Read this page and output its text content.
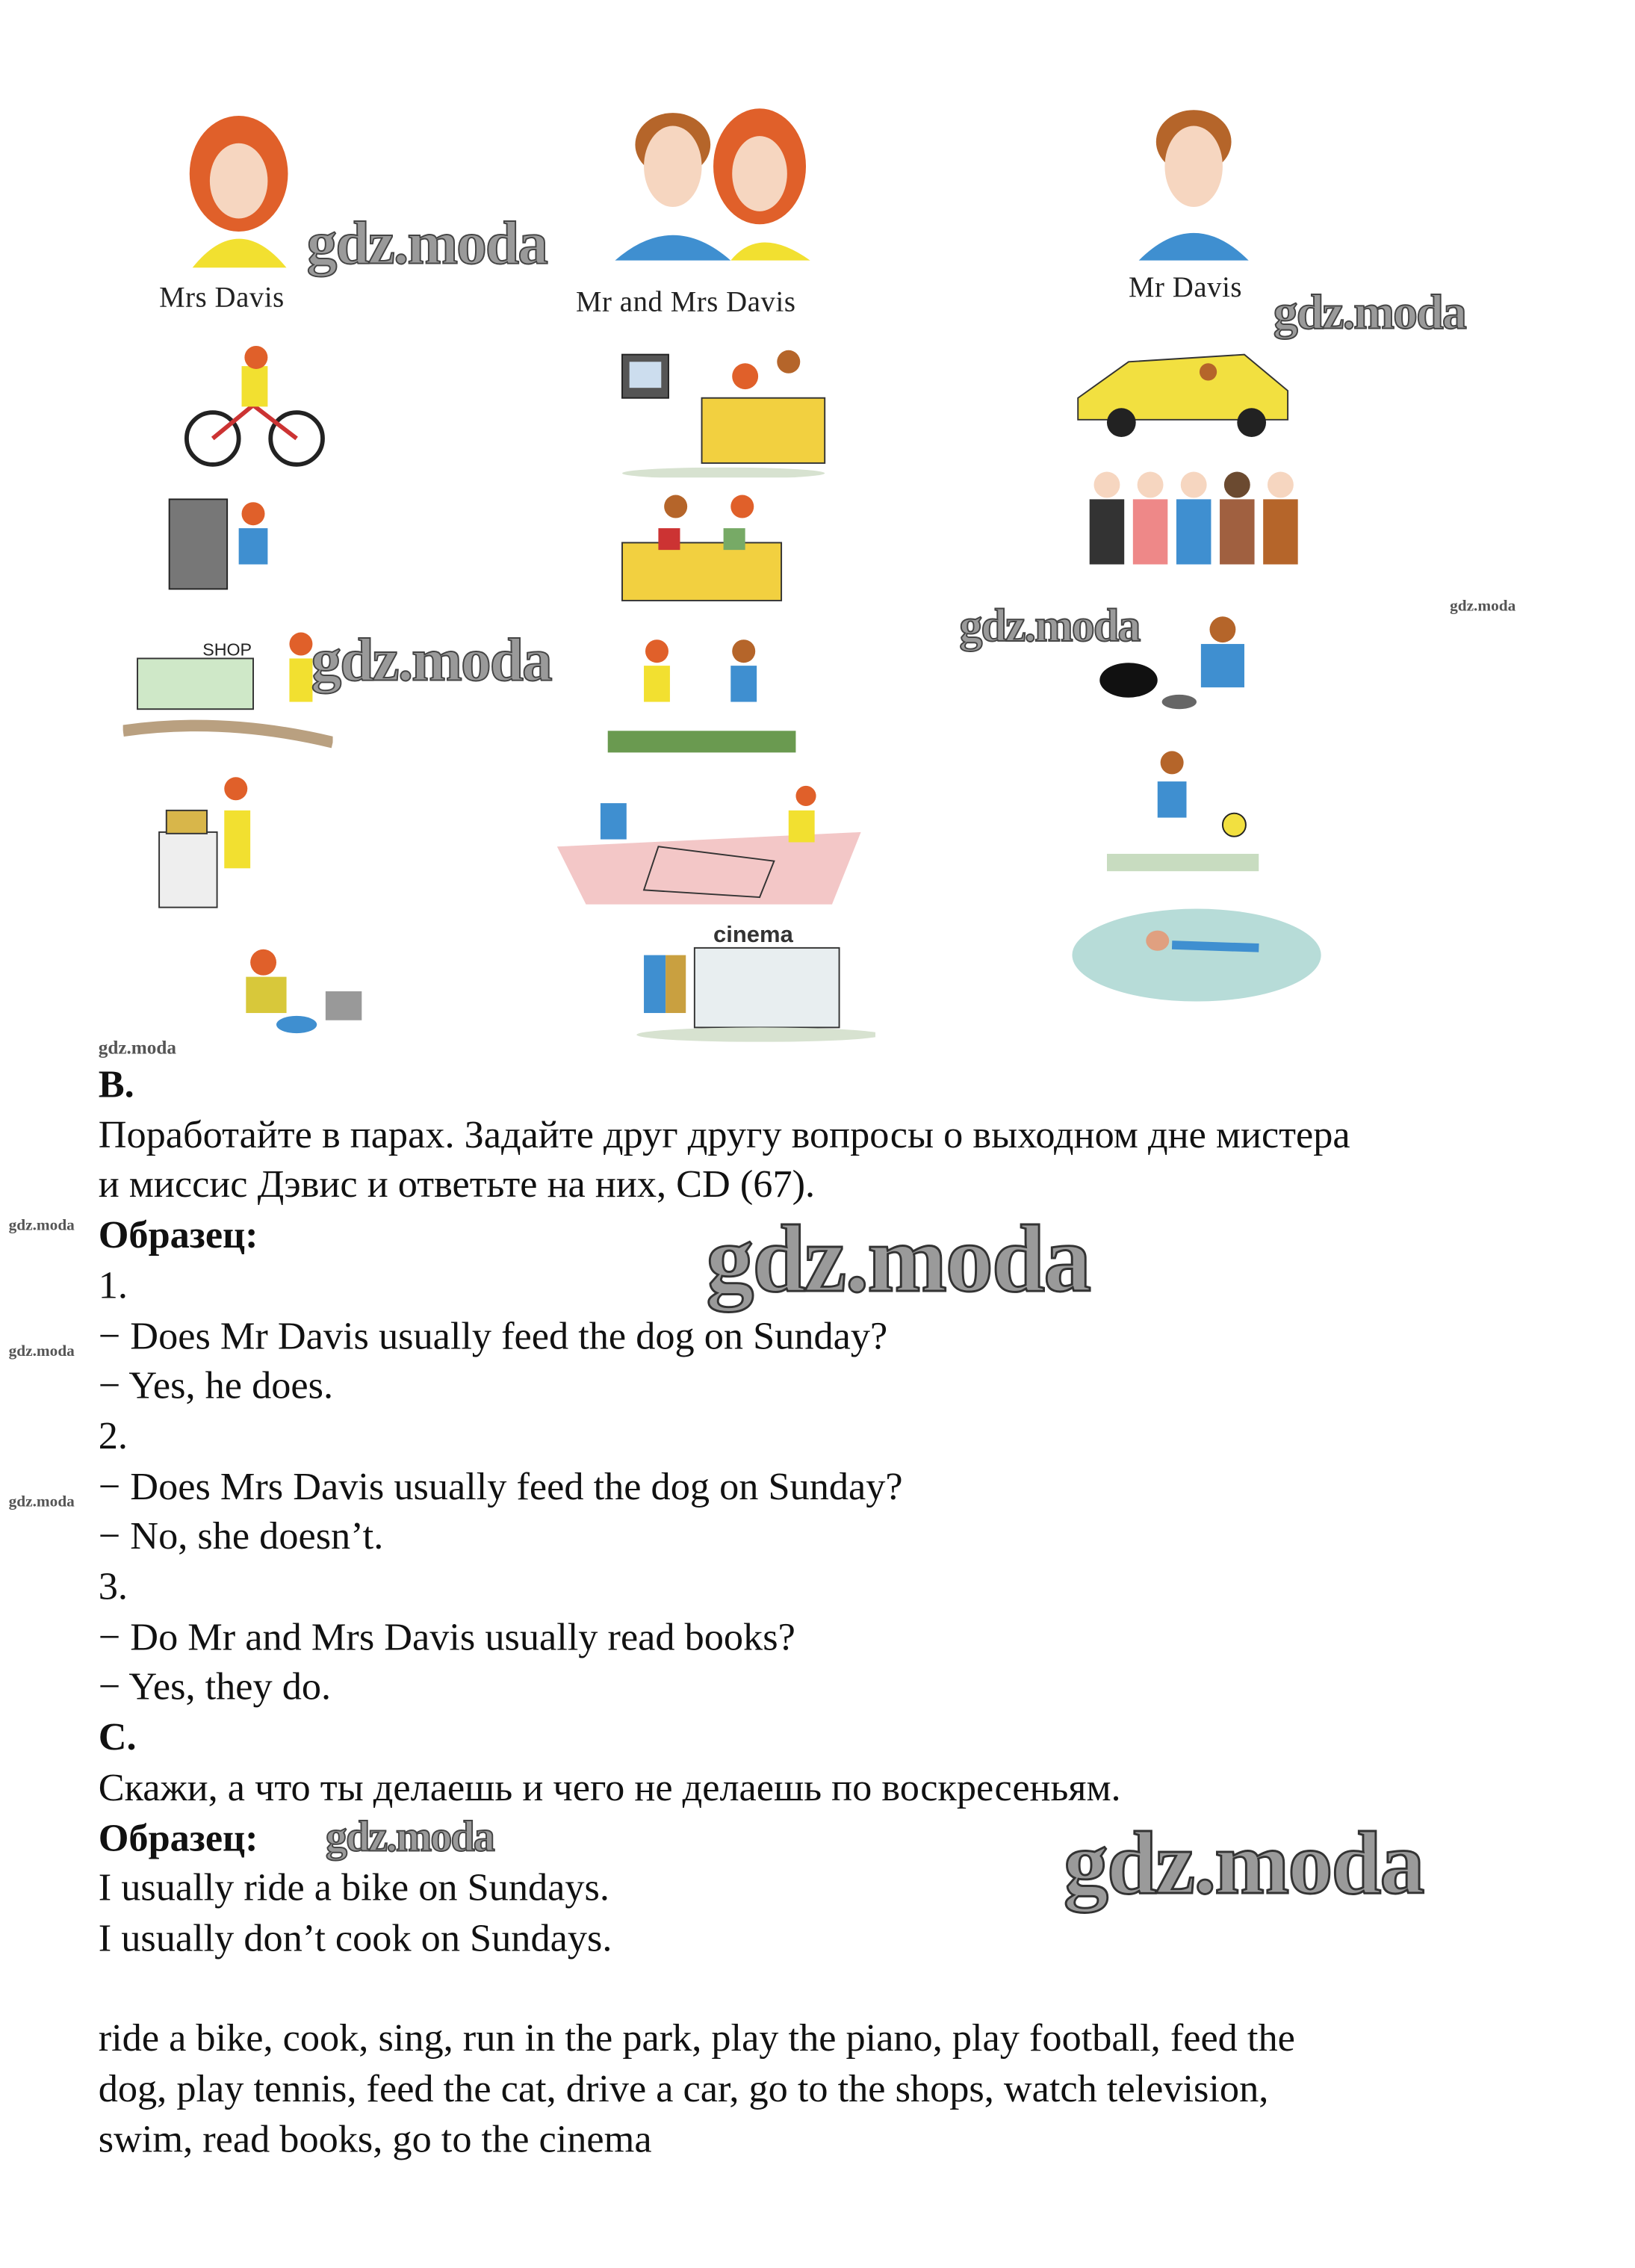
Mrs Davis	Mr and Mrs Davis	Mr Davis
SHOP
cinema
gdz.moda
gdz.moda
gdz.moda
gdz.moda
gdz.moda
gdz.moda
gdz.moda	gdz.moda
gdz.moda
gdz.moda
gdz.moda	gdz.moda
B.
Поработайте в парах. Задайте друг другу вопросы о выходном дне мистера
и миссис Дэвис и ответьте на них, CD (67).
Образец:
1.
− Does Mr Davis usually feed the dog on Sunday?
− Yes, he does.
2.
− Does Mrs Davis usually feed the dog on Sunday?
− No, she doesn’t.
3.
− Do Mr and Mrs Davis usually read books?
− Yes, they do.
C.
Скажи, а что ты делаешь и чего не делаешь по воскресеньям.
Образец:
I usually ride a bike on Sundays.
I usually don’t cook on Sundays.

ride a bike, cook, sing, run in the park, play the piano, play football, feed the
dog, play tennis, feed the cat, drive a car, go to the shops, watch television,
swim, read books, go to the cinema
